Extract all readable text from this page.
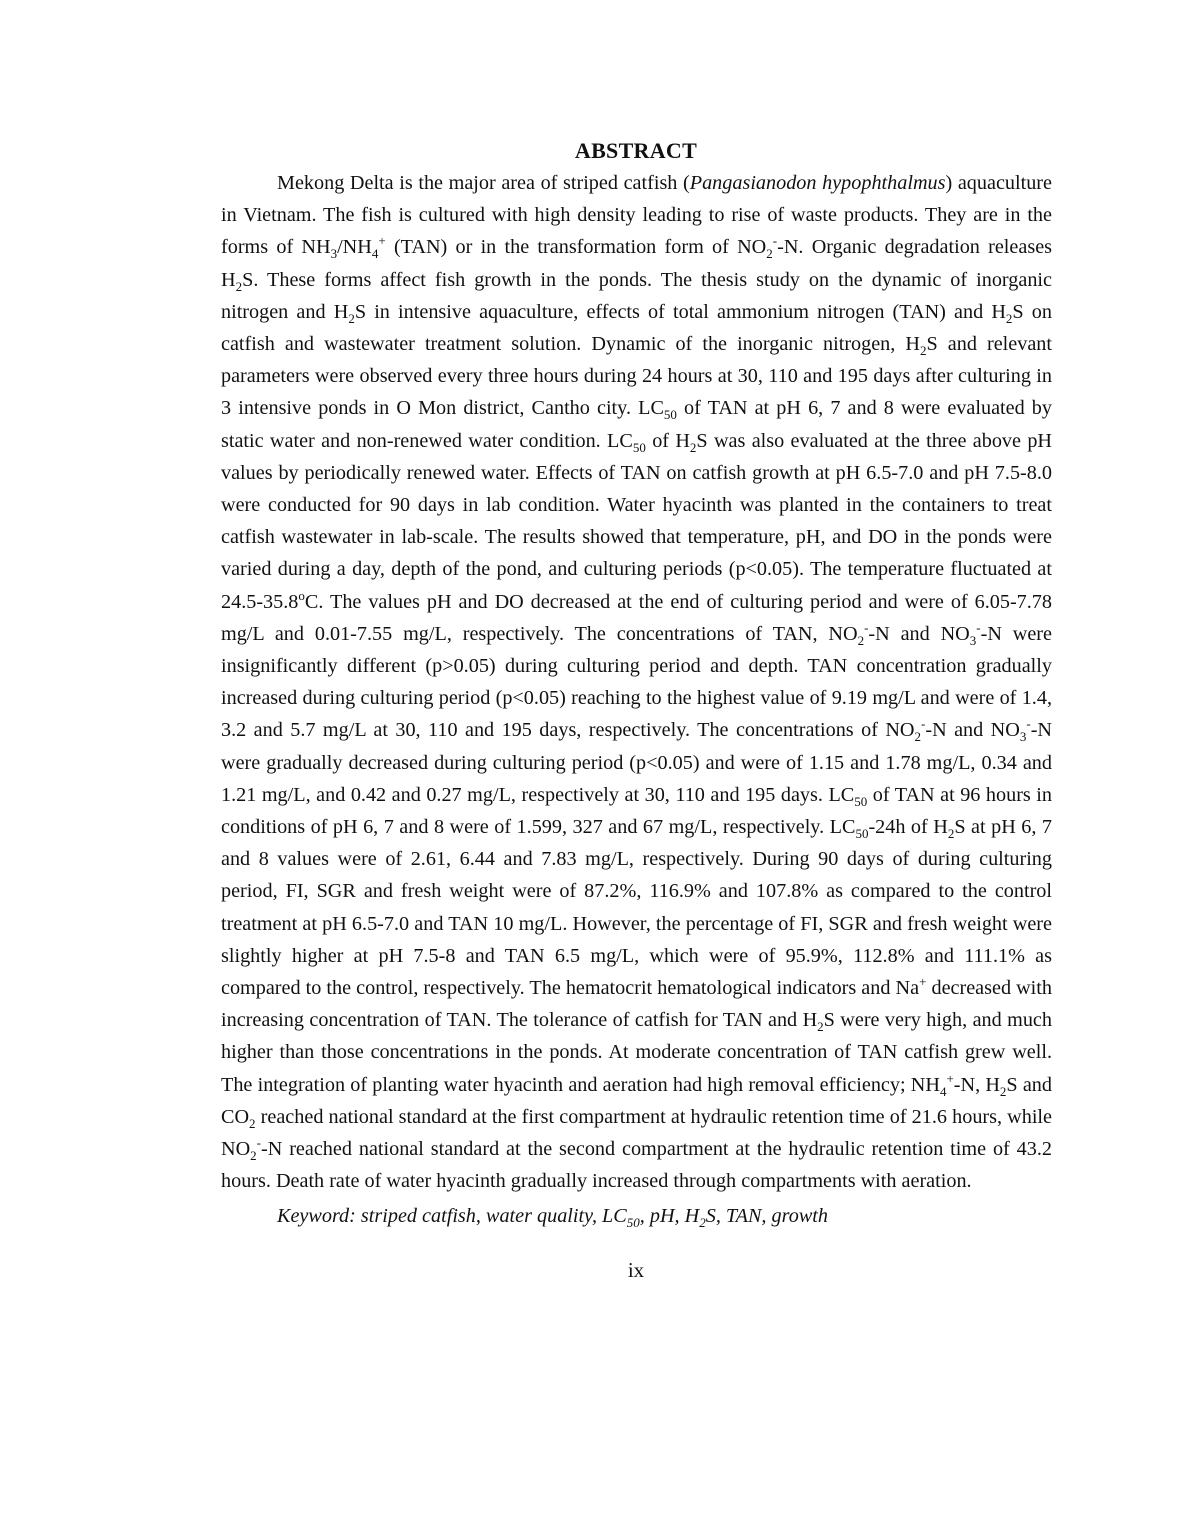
ABSTRACT

Mekong Delta is the major area of striped catfish (Pangasianodon hypophthalmus) aquaculture in Vietnam. The fish is cultured with high density leading to rise of waste products. They are in the forms of $NH_3/NH_4^+$ (TAN) or in the transformation form of $NO_2^--N$. Organic degradation releases $H_2S$. These forms affect fish growth in the ponds. The thesis study on the dynamic of inorganic nitrogen and $H_2S$ in intensive aquaculture, effects of total ammonium nitrogen (TAN) and $H_2S$ on catfish and wastewater treatment solution. Dynamic of the inorganic nitrogen, $H_2S$ and relevant parameters were observed every three hours during 24 hours at 30, 110 and 195 days after culturing in 3 intensive ponds in O Mon district, Cantho city. $LC_{50}$ of TAN at pH 6, 7 and 8 were evaluated by static water and non-renewed water condition. $LC_{50}$ of $H_2S$ was also evaluated at the three above pH values by periodically renewed water. Effects of TAN on catfish growth at pH 6.5-7.0 and pH 7.5-8.0 were conducted for 90 days in lab condition. Water hyacinth was planted in the containers to treat catfish wastewater in lab-scale. The results showed that temperature, pH, and DO in the ponds were varied during a day, depth of the pond, and culturing periods (p<0.05). The temperature fluctuated at 24.5-35.8$^o$C. The values pH and DO decreased at the end of culturing period and were of 6.05-7.78 mg/L and 0.01-7.55 mg/L, respectively. The concentrations of TAN, $NO_2^--N$ and $NO_3^--N$ were insignificantly different (p>0.05) during culturing period and depth. TAN concentration gradually increased during culturing period (p<0.05) reaching to the highest value of 9.19 mg/L and were of 1.4, 3.2 and 5.7 mg/L at 30, 110 and 195 days, respectively. The concentrations of $NO_2^--N$ and $NO_3^--N$ were gradually decreased during culturing period (p<0.05) and were of 1.15 and 1.78 mg/L, 0.34 and 1.21 mg/L, and 0.42 and 0.27 mg/L, respectively at 30, 110 and 195 days. $LC_{50}$ of TAN at 96 hours in conditions of pH 6, 7 and 8 were of 1.599, 327 and 67 mg/L, respectively. $LC_{50}-24h$ of $H_2S$ at pH 6, 7 and 8 values were of 2.61, 6.44 and 7.83 mg/L, respectively. During 90 days of during culturing period, FI, SGR and fresh weight were of 87.2%, 116.9% and 107.8% as compared to the control treatment at pH 6.5-7.0 and TAN 10 mg/L. However, the percentage of FI, SGR and fresh weight were slightly higher at pH 7.5-8 and TAN 6.5 mg/L, which were of 95.9%, 112.8% and 111.1% as compared to the control, respectively. The hematocrit hematological indicators and Na+ decreased with increasing concentration of TAN. The tolerance of catfish for TAN and $H_2S$ were very high, and much higher than those concentrations in the ponds. At moderate concentration of TAN catfish grew well. The integration of planting water hyacinth and aeration had high removal efficiency; $NH_4^+-N$, $H_2S$ and $CO_2$ reached national standard at the first compartment at hydraulic retention time of 21.6 hours, while $NO_2^--N$ reached national standard at the second compartment at the hydraulic retention time of 43.2 hours. Death rate of water hyacinth gradually increased through compartments with aeration.

Keyword: striped catfish, water quality, $LC_{50}$, pH, $H_2S$, TAN, growth

ix
